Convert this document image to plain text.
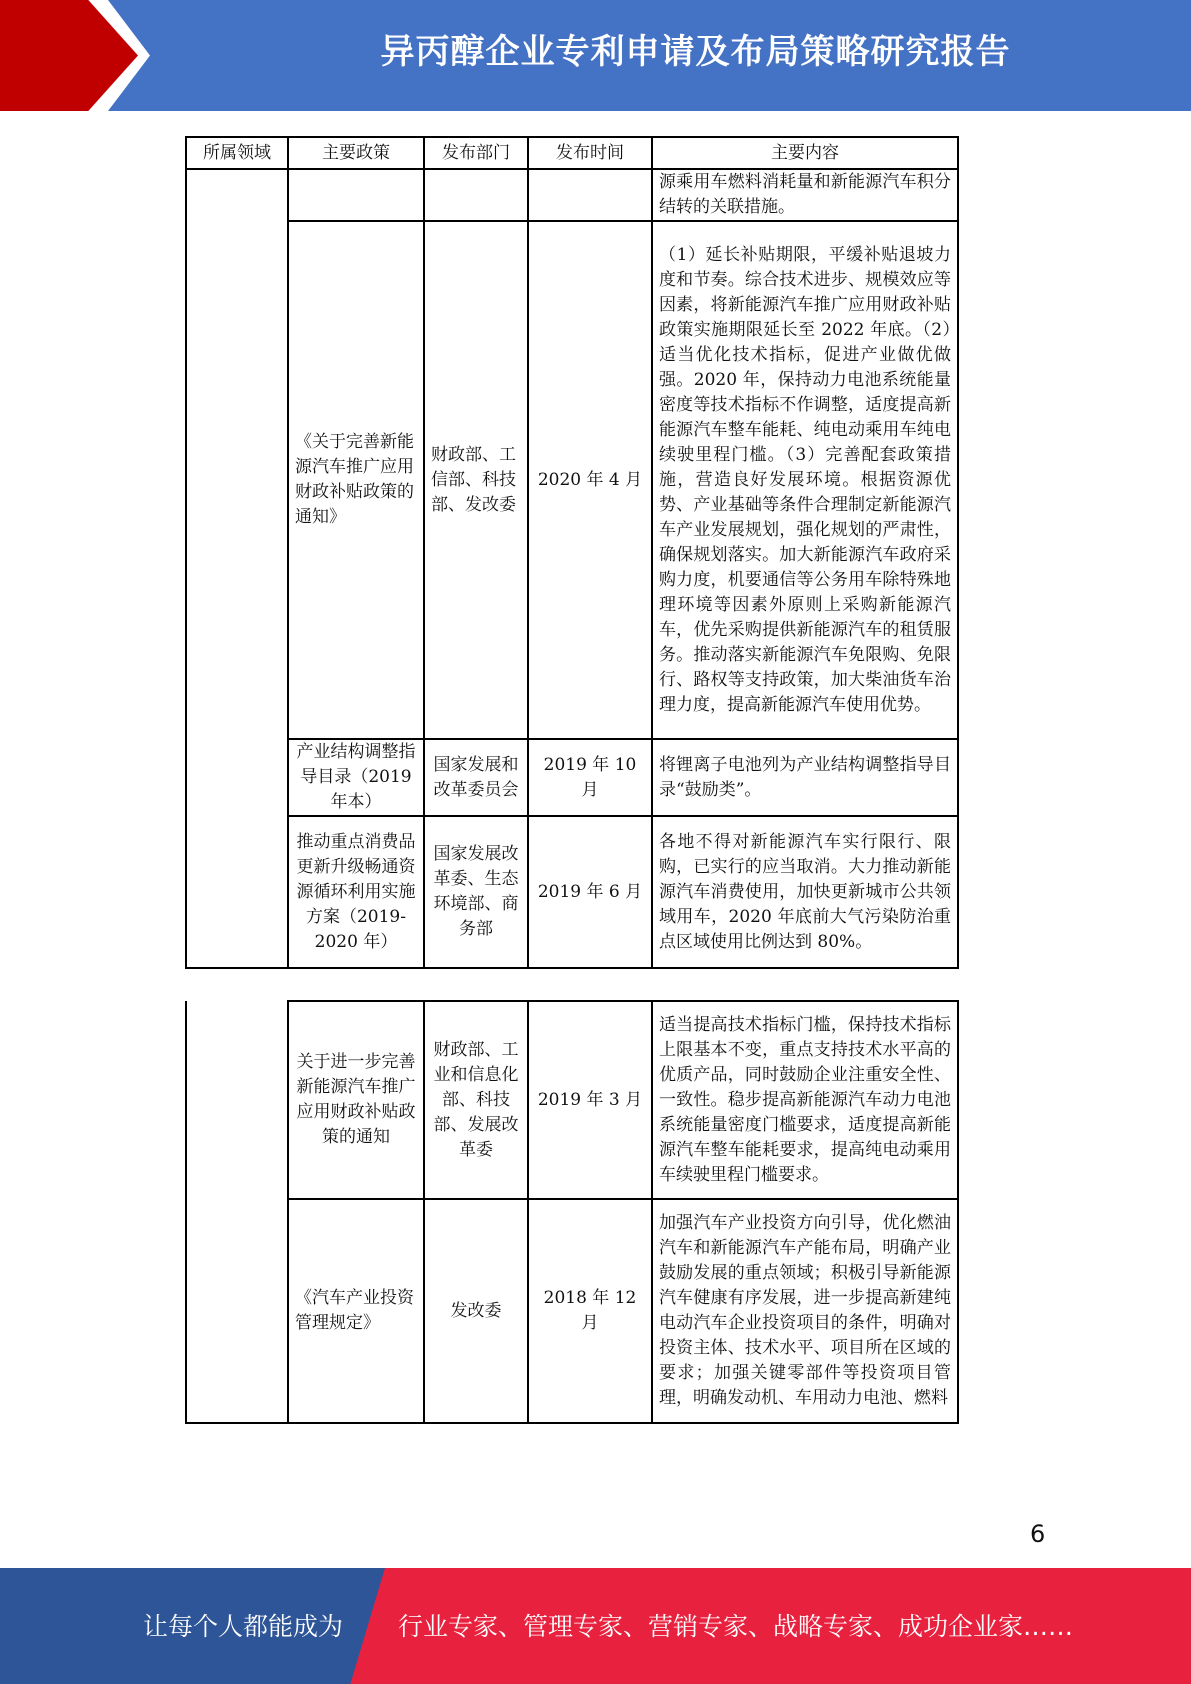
异丙醇企业专利申请及布局策略研究报告
所属领域	主要政策	发布部门	发布时间	主要内容
				源乘用车燃料消耗量和新能源汽车积分结转的关联措施。
	《关于完善新能源汽车推广应用财政补贴政策的通知》	财政部、工信部、科技部、发改委	2020 年 4 月	（1）延长补贴期限，平缓补贴退坡力度和节奏。综合技术进步、规模效应等因素，将新能源汽车推广应用财政补贴政策实施期限延长至 2022 年底。（2）适当优化技术指标，促进产业做优做强。2020 年，保持动力电池系统能量密度等技术指标不作调整，适度提高新能源汽车整车能耗、纯电动乘用车纯电续驶里程门槛。（3）完善配套政策措施，营造良好发展环境。根据资源优势、产业基础等条件合理制定新能源汽车产业发展规划，强化规划的严肃性，确保规划落实。加大新能源汽车政府采购力度，机要通信等公务用车除特殊地理环境等因素外原则上采购新能源汽车，优先采购提供新能源汽车的租赁服务。推动落实新能源汽车免限购、免限行、路权等支持政策，加大柴油货车治理力度，提高新能源汽车使用优势。
	产业结构调整指导目录（2019 年本）	国家发展和改革委员会	2019 年 10 月	将锂离子电池列为产业结构调整指导目录“鼓励类”。
	推动重点消费品更新升级畅通资源循环利用实施方案（2019-2020 年）	国家发展改革委、生态环境部、商务部	2019 年 6 月	各地不得对新能源汽车实行限行、限购，已实行的应当取消。大力推动新能源汽车消费使用，加快更新城市公共领域用车，2020 年底前大气污染防治重点区域使用比例达到 80%。
	关于进一步完善新能源汽车推广应用财政补贴政策的通知	财政部、工业和信息化部、科技部、发展改革委	2019 年 3 月	适当提高技术指标门槛，保持技术指标上限基本不变，重点支持技术水平高的优质产品，同时鼓励企业注重安全性、一致性。稳步提高新能源汽车动力电池系统能量密度门槛要求，适度提高新能源汽车整车能耗要求，提高纯电动乘用车续驶里程门槛要求。
	《汽车产业投资管理规定》	发改委	2018 年 12 月	加强汽车产业投资方向引导，优化燃油汽车和新能源汽车产能布局，明确产业鼓励发展的重点领域；积极引导新能源汽车健康有序发展，进一步提高新建纯电动汽车企业投资项目的条件，明确对投资主体、技术水平、项目所在区域的要求；加强关键零部件等投资项目管理，明确发动机、车用动力电池、燃料
6
让每个人都能成为 行业专家、管理专家、营销专家、战略专家、成功企业家……
